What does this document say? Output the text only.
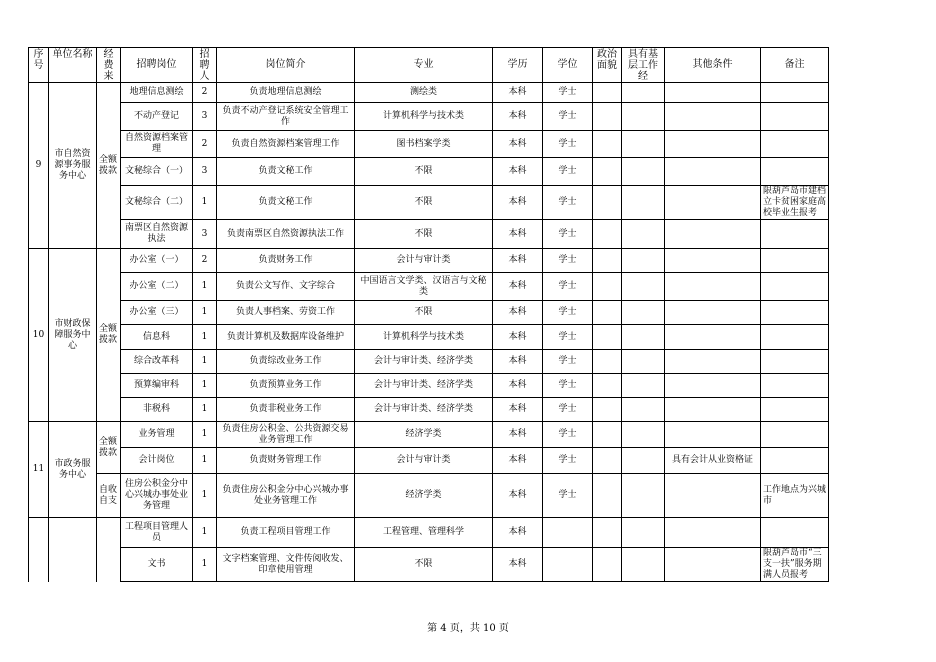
序号	单位名称	经费来	招聘岗位	招聘人	岗位简介	专业	学历	学位	政治面貌	具有基层工作经	其他条件	备注
9	市自然资源事务服务中心	全额拨款	地理信息测绘	2	负责地理信息测绘	测绘类	本科	学士				
			不动产登记	3	负责不动产登记系统安全管理工作	计算机科学与技术类	本科	学士				
			自然资源档案管理	2	负责自然资源档案管理工作	图书档案学类	本科	学士				
			文秘综合（一）	3	负责文秘工作	不限	本科	学士				
			文秘综合（二）	1	负责文秘工作	不限	本科	学士				限葫芦岛市建档立卡贫困家庭高校毕业生报考
			南票区自然资源执法	3	负责南票区自然资源执法工作	不限	本科	学士				
10	市财政保障服务中心	全额拨款	办公室（一）	2	负责财务工作	会计与审计类	本科	学士				
			办公室（二）	1	负责公文写作、文字综合	中国语言文学类、汉语言与文秘类	本科	学士				
			办公室（三）	1	负责人事档案、劳资工作	不限	本科	学士				
			信息科	1	负责计算机及数据库设备维护	计算机科学与技术类	本科	学士				
			综合改革科	1	负责综改业务工作	会计与审计类、经济学类	本科	学士				
			预算编审科	1	负责预算业务工作	会计与审计类、经济学类	本科	学士				
			非税科	1	负责非税业务工作	会计与审计类、经济学类	本科	学士				
11	市政务服务中心	全额拨款	业务管理	1	负责住房公积金、公共资源交易业务管理工作	经济学类	本科	学士				
			会计岗位	1	负责财务管理工作	会计与审计类	本科	学士			具有会计从业资格证	
		自收自支	住房公积金分中心兴城办事处业务管理	1	负责住房公积金分中心兴城办事处业务管理工作	经济学类	本科	学士				工作地点为兴城市
			工程项目管理人员	1	负责工程项目管理工作	工程管理、管理科学	本科					
			文书	1	文字档案管理、文件传阅收发、印章使用管理	不限	本科					限葫芦岛市“三支一扶”服务期满人员报考
第 4 页，共 10 页
